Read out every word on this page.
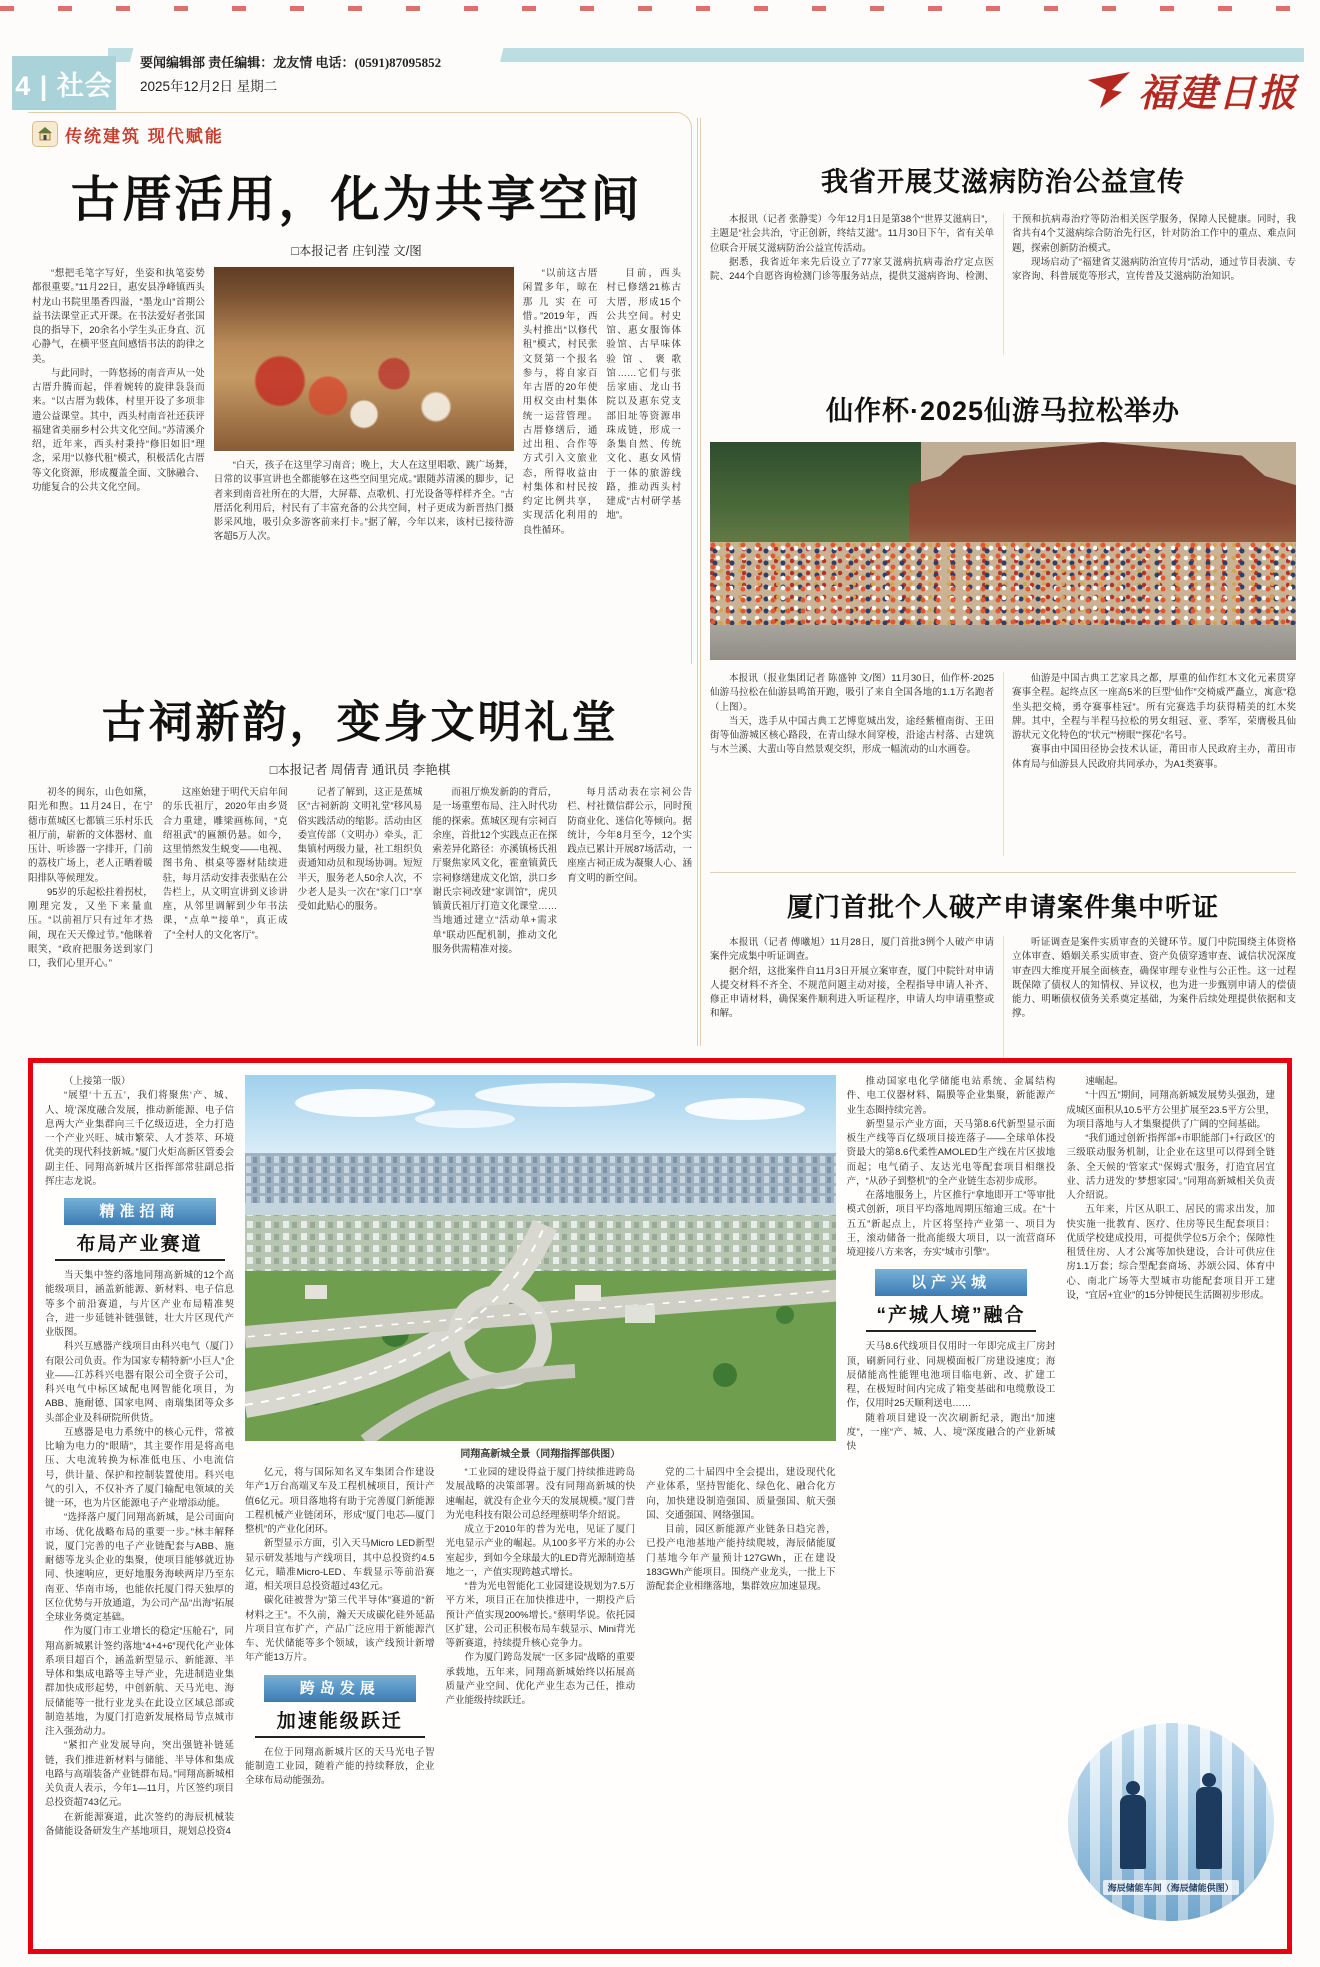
4 | 社会
要闻编辑部 责任编辑：龙友情 电话：(0591)87095852
2025年12月2日 星期二	福建日报
传统建筑 现代赋能
古厝活用，化为共享空间
□本报记者 庄钊滢 文/图

“想把毛笔字写好，坐姿和执笔姿势都很重要。”11月22日，惠安县净峰镇西头村龙山书院里墨香四溢，“墨龙山”首期公益书法课堂正式开课。在书法爱好者张国良的指导下，20余名小学生头正身直、沉心静气，在横平竖直间感悟书法的韵律之美。

与此同时，一阵悠扬的南音声从一处古厝升腾而起，伴着婉转的旋律袅袅而来。“以古厝为载体，村里开设了多项非遗公益课堂。其中，西头村南音社还获评福建省美丽乡村公共文化空间。”苏清溪介绍，近年来，西头村秉持“修旧如旧”理念，采用“以修代租”模式，积极活化古厝等文化资源，形成覆盖全面、文脉融合、功能复合的公共文化空间。

“白天，孩子在这里学习南音；晚上，大人在这里唱歌、跳广场舞，日常的议事宣讲也全都能够在这些空间里完成。”跟随苏清溪的脚步，记者来到南音社所在的大厝，大屏幕、点歌机、打光设备等样样齐全。“古厝活化利用后，村民有了丰富充备的公共空间，村子更成为新晋热门摄影采风地，吸引众多游客前来打卡。”据了解，今年以来，该村已接待游客超5万人次。

“以前这古厝闲置多年，晾在那儿实在可惜。”2019年，西头村推出“以修代租”模式，村民张文贤第一个报名参与，将自家百年古厝的20年使用权交由村集体统一运营管理。古厝修缮后，通过出租、合作等方式引入文旅业态，所得收益由村集体和村民按约定比例共享，实现活化利用的良性循环。

目前，西头村已修缮21栋古大厝，形成15个公共空间。村史馆、惠女服饰体验馆、古早味体验馆、褒歌馆……它们与张岳家庙、龙山书院以及惠东党支部旧址等资源串珠成链，形成一条集自然、传统文化、惠女风情于一体的旅游线路，推动西头村建成“古村研学基地”。

古祠新韵，变身文明礼堂
□本报记者 周倩青 通讯员 李艳棋

初冬的闽东，山色如黛，阳光和煦。11月24日，在宁德市蕉城区七都镇三乐村乐氏祖厅前，崭新的文体器材、血压计、听诊器一字排开，门前的荔枝广场上，老人正晒着暖阳排队等候理发。

95岁的乐起松拄着拐杖，刚理完发，又坐下来量血压。“以前祖厅只有过年才热闹，现在天天像过节。”他眯着眼笑，“政府把服务送到家门口，我们心里开心。”

这座始建于明代天启年间的乐氏祖厅，2020年由乡贤合力重建，雕梁画栋间，“克绍祖武”的匾额仍悬。如今，这里悄然发生蜕变——电视、图书角、棋桌等器材陆续进驻，每月活动安排表张贴在公告栏上，从文明宣讲到义诊讲座，从邻里调解到少年书法课，“点单”“接单”，真正成了“全村人的文化客厅”。

记者了解到，这正是蕉城区“古祠新韵 文明礼堂”移风易俗实践活动的缩影。活动由区委宣传部（文明办）牵头，汇集镇村两级力量，社工组织负责通知动员和现场协调。短短半天，服务老人50余人次，不少老人是头一次在“家门口”享受如此贴心的服务。

而祖厅焕发新韵的背后，是一场重塑布局、注入时代功能的探索。蕉城区现有宗祠百余座，首批12个实践点正在探索差异化路径：亦溪镇杨氏祖厅聚焦家风文化，霍童镇黄氏宗祠修缮建成文化馆，洪口乡谢氏宗祠改建“家训馆”，虎贝镇黄氏祖厅打造文化课堂……当地通过建立“活动单+需求单”联动匹配机制，推动文化服务供需精准对接。

每月活动表在宗祠公告栏、村社微信群公示，同时预防商业化、迷信化等倾向。据统计，今年8月至今，12个实践点已累计开展87场活动，一座座古祠正成为凝聚人心、涵育文明的新空间。

我省开展艾滋病防治公益宣传

本报讯（记者 张静雯）今年12月1日是第38个“世界艾滋病日”，主题是“社会共治，守正创新，终结艾滋”。11月30日下午，省有关单位联合开展艾滋病防治公益宣传活动。

据悉，我省近年来先后设立了77家艾滋病抗病毒治疗定点医院、244个自愿咨询检测门诊等服务站点，提供艾滋病咨询、检测、干预和抗病毒治疗等防治相关医学服务，保障人民健康。同时，我省共有4个艾滋病综合防治先行区，针对防治工作中的重点、难点问题，探索创新防治模式。

现场启动了“福建省艾滋病防治宣传月”活动，通过节目表演、专家咨询、科普展览等形式，宣传普及艾滋病防治知识。

仙作杯·2025仙游马拉松举办

本报讯（报业集团记者 陈盛钟 文/图）11月30日，仙作杯·2025仙游马拉松在仙游县鸣笛开跑，吸引了来自全国各地的1.1万名跑者（上图）。

当天，选手从中国古典工艺博览城出发，途经紫檀南街、王田街等仙游城区核心路段，在青山绿水间穿梭，沿途古村落、古建筑与木兰溪、大蜚山等自然景观交织，形成一幅流动的山水画卷。

仙游是中国古典工艺家具之都，厚重的仙作红木文化元素贯穿赛事全程。起终点区一座高5米的巨型“仙作”交椅威严矗立，寓意“稳坐头把交椅，勇夺赛事桂冠”。所有完赛选手均获得精美的红木奖牌。其中，全程与半程马拉松的男女组冠、亚、季军，荣膺极具仙游状元文化特色的“状元”“榜眼”“探花”名号。

赛事由中国田径协会技术认证，莆田市人民政府主办，莆田市体育局与仙游县人民政府共同承办，为A1类赛事。

厦门首批个人破产申请案件集中听证

本报讯（记者 傅曦旭）11月28日，厦门首批3例个人破产申请案件完成集中听证调查。

据介绍，这批案件自11月3日开展立案审查，厦门中院针对申请人提交材料不齐全、不规范问题主动对接，全程指导申请人补齐、修正申请材料，确保案件顺利进入听证程序，申请人均申请重整或和解。

听证调查是案件实质审查的关键环节。厦门中院围绕主体资格立体审查、婚姻关系实质审查、资产负债穿透审查、诚信状况深度审查四大维度开展全面核查，确保审理专业性与公正性。这一过程既保障了债权人的知情权、异议权，也为进一步甄别申请人的偿债能力、明晰债权债务关系奠定基础，为案件后续处理提供依据和支撑。

（上接第一版）

“展望‘十五五’，我们将聚焦‘产、城、人、境’深度融合发展，推动新能源、电子信息两大产业集群向三千亿级迈进，全力打造一个产业兴旺、城市繁荣、人才荟萃、环境优美的现代科技新城。”厦门火炬高新区管委会副主任、同翔高新城片区指挥部常驻副总指挥庄志龙说。

精准招商
布局产业赛道

当天集中签约落地同翔高新城的12个高能级项目，涵盖新能源、新材料、电子信息等多个前沿赛道，与片区产业布局精准契合，进一步延链补链强链，壮大片区现代产业版图。

科兴互感器产线项目由科兴电气（厦门）有限公司负责。作为国家专精特新“小巨人”企业——江苏科兴电器有限公司全资子公司，科兴电气中标区域配电网智能化项目，为ABB、施耐德、国家电网、南瑞集团等众多头部企业及科研院所供货。

互感器是电力系统中的核心元件，常被比喻为电力的“眼睛”，其主要作用是将高电压、大电流转换为标准低电压、小电流信号，供计量、保护和控制装置使用。科兴电气的引入，不仅补齐了厦门输配电领域的关键一环，也为片区能源电子产业增添动能。

“选择落户厦门同翔高新城，是公司面向市场、优化战略布局的重要一步。”林丰解释说，厦门完善的电子产业链配套与ABB、施耐德等龙头企业的集聚，使项目能够就近协同、快速响应，更好地服务海峡两岸乃至东南亚、华南市场，也能依托厦门得天独厚的区位优势与开放通道，为公司产品“出海”拓展全球业务奠定基础。

作为厦门市工业增长的稳定“压舱石”，同翔高新城累计签约落地“4+4+6”现代化产业体系项目超百个，涵盖新型显示、新能源、半导体和集成电路等主导产业，先进制造业集群加快成形起势，中创新航、天马光电、海辰储能等一批行业龙头在此设立区域总部或制造基地，为厦门打造新发展格局节点城市注入强劲动力。

“紧扣产业发展导向，突出强链补链延链，我们推进新材料与储能、半导体和集成电路与高端装备产业链群布局。”同翔高新城相关负责人表示，今年1—11月，片区签约项目总投资超743亿元。

在新能源赛道，此次签约的海辰机械装备储能设备研发生产基地项目，规划总投资4

同翔高新城全景（同翔指挥部供图）

亿元，将与国际知名叉车集团合作建设年产1万台高端叉车及工程机械项目，预计产值6亿元。项目落地将有助于完善厦门新能源工程机械产业链闭环，形成“厦门电芯—厦门整机”的产业化闭环。

新型显示方面，引入天马Micro LED新型显示研发基地与产线项目，其中总投资约4.5亿元，瞄准Micro-LED、车载显示等前沿赛道，相关项目总投资超过43亿元。

碳化硅被誉为“第三代半导体”赛道的“新材料之王”。不久前，瀚天天成碳化硅外延晶片项目宣布扩产，产品广泛应用于新能源汽车、光伏储能等多个领域，该产线预计新增年产能13万片。

跨岛发展
加速能级跃迁

在位于同翔高新城片区的天马光电子智能制造工业园，随着产能的持续释放，企业全球布局动能强劲。

“工业园的建设得益于厦门持续推进跨岛发展战略的决策部署。没有同翔高新城的快速崛起，就没有企业今天的发展规模。”厦门普为光电科技有限公司总经理蔡明华介绍说。

成立于2010年的普为光电，见证了厦门光电显示产业的崛起。从100多平方米的办公室起步，到如今全球最大的LED背光源制造基地之一，产值实现跨越式增长。

“普为光电智能化工业园建设规划为7.5万平方米，项目正在加快推进中，一期投产后预计产值实现200%增长。”蔡明华说。依托园区扩建，公司正积极布局车载显示、Mini背光等新赛道，持续提升核心竞争力。

作为厦门跨岛发展“一区多园”战略的重要承载地，五年来，同翔高新城始终以拓展高质量产业空间、优化产业生态为己任，推动产业能级持续跃迁。

党的二十届四中全会提出，建设现代化产业体系，坚持智能化、绿色化、融合化方向，加快建设制造强国、质量强国、航天强国、交通强国、网络强国。

目前，园区新能源产业链条日趋完善，已投产电池基地产能持续爬坡，海辰储能厦门基地今年产量预计127GWh，正在建设183GWh产能项目。围绕产业龙头，一批上下游配套企业相继落地，集群效应加速显现。

推动国家电化学储能电站系统、金属结构件、电工仪器材料、隔膜等企业集聚，新能源产业生态圈持续完善。

新型显示产业方面，天马第8.6代新型显示面板生产线等百亿级项目接连落子——全球单体投资最大的第8.6代柔性AMOLED生产线在片区拔地而起；电气硝子、友达光电等配套项目相继投产，“从砂子到整机”的全产业链生态初步成形。

在落地服务上，片区推行“拿地即开工”等审批模式创新，项目平均落地周期压缩逾三成。在“十五五”新起点上，片区将坚持产业第一、项目为王，滚动储备一批高能级大项目，以一流营商环境迎接八方来客，夯实“城市引擎”。

以产兴城
“产城人境”融合

天马8.6代线项目仅用时一年即完成主厂房封顶，刷新同行业、同规模面板厂房建设速度；海辰储能高性能锂电池项目临电新、改、扩建工程，在极短时间内完成了箱变基础和电缆敷设工作，仅用时25天顺利送电……

随着项目建设一次次刷新纪录，跑出“加速度”，一座“产、城、人、境”深度融合的产业新城快

速崛起。

“十四五”期间，同翔高新城发展势头强劲，建成城区面积从10.5平方公里扩展至23.5平方公里，为项目落地与人才集聚提供了广阔的空间基础。

“我们通过创新‘指挥部+市职能部门+行政区’的三级联动服务机制，让企业在这里可以得到全链条、全天候的‘管家式’‘保姆式’服务，打造宜居宜业、活力迸发的‘梦想家园’。”同翔高新城相关负责人介绍说。

五年来，片区从职工、居民的需求出发，加快实施一批教育、医疗、住房等民生配套项目：优质学校建成投用，可提供学位5万余个；保障性租赁住房、人才公寓等加快建设，合计可供应住房1.1万套；综合型配套商场、苏颂公园、体育中心、南北广场等大型城市功能配套项目开工建设，“宜居+宜业”的15分钟便民生活圈初步形成。

海辰储能车间（海辰储能供图）
